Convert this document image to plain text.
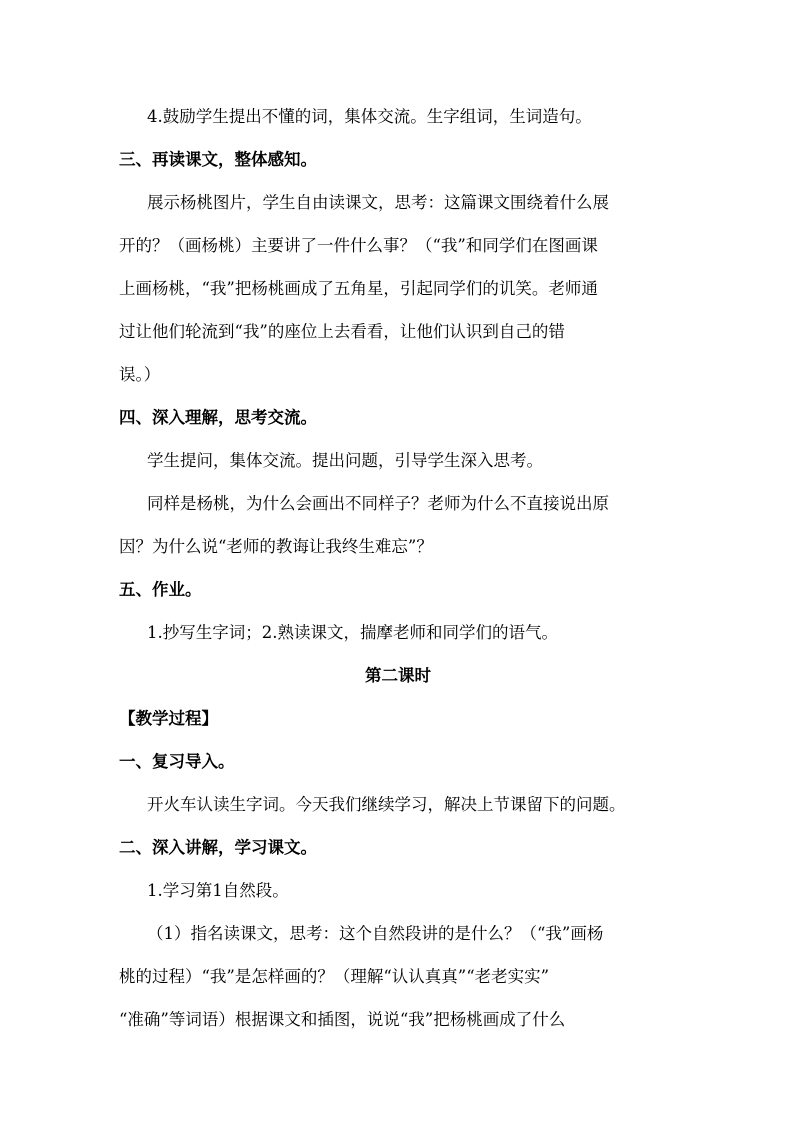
4.鼓励学生提出不懂的词，集体交流。生字组词，生词造句。
三、再读课文，整体感知。
展示杨桃图片，学生自由读课文，思考：这篇课文围绕着什么展
开的？（画杨桃）主要讲了一件什么事？（“我”和同学们在图画课
上画杨桃，“我”把杨桃画成了五角星，引起同学们的讥笑。老师通
过让他们轮流到“我”的座位上去看看，让他们认识到自己的错
误。）
四、深入理解，思考交流。
学生提问，集体交流。提出问题，引导学生深入思考。
同样是杨桃，为什么会画出不同样子？老师为什么不直接说出原
因？为什么说“老师的教诲让我终生难忘”？
五、作业。
1.抄写生字词；2.熟读课文，揣摩老师和同学们的语气。
第二课时
【教学过程】
一、复习导入。
开火车认读生字词。今天我们继续学习，解决上节课留下的问题。
二、深入讲解，学习课文。
1.学习第1自然段。
（1）指名读课文，思考：这个自然段讲的是什么？（“我”画杨
桃的过程）“我”是怎样画的？（理解“认认真真”“老老实实”
“准确”等词语）根据课文和插图，说说“我”把杨桃画成了什么
